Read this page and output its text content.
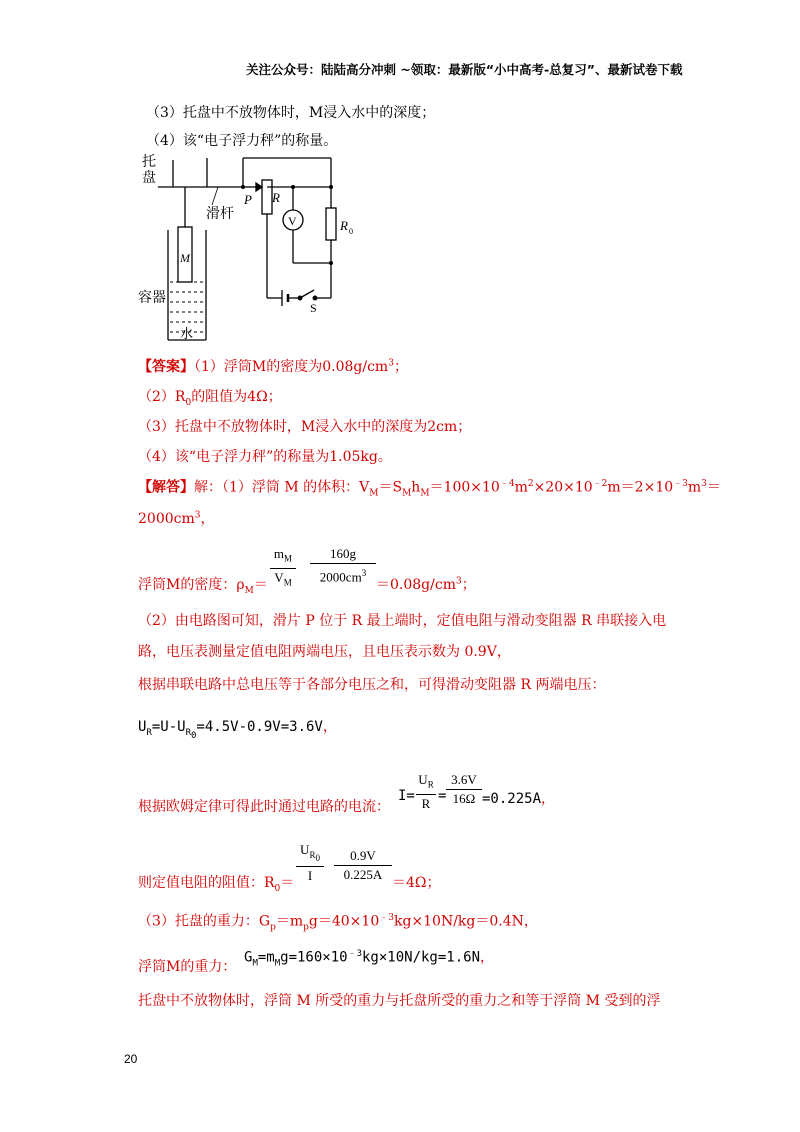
关注公众号：陆陆高分冲刺 ~领取：最新版“小中高考-总复习”、最新试卷下载
（3）托盘中不放物体时，M浸入水中的深度；
（4）该“电子浮力秤”的称量。
托
盘
滑杆
P R
V	R 0
M
容器
水
S
【答案】（1）浮筒M的密度为$0.08g/cm^3$；
$(2)R_0$的阻值为4Ω；
（3）托盘中不放物体时，M浸入水中的深度为2cm；
（4）该“电子浮力秤”的称量为1.05kg。
【解答】解：（1）浮筒 M 的体积：$V_M=S_Mh_M=100\times 10^{﹣4}m^2\times 20\times 10^{﹣2}m=2\times 10^{﹣3}m^3=$
$2000cm^3$，
浮筒M的密度：$\rho_M=$
$m_M$
$V_M$
160g
$2000cm^3$
$=0.08g/cm^3$；
（2）由电路图可知，滑片 P 位于 R 最上端时，定值电阻与滑动变阻器 R 串联接入电
路，电压表测量定值电阻两端电压，且电压表示数为 0.9V，
根据串联电路中总电压等于各部分电压之和，可得滑动变阻器 R 两端电压：
$U_R=U-U_{R_0}=4.5V-0.9V=3.6V$，
根据欧姆定律可得此时通过电路的电流：
I=
$U_R$
R =
3.6V
16Ω =0.225A，
则定值电阻的阻值：$R_0=$
$U_{R_0}$
I
0.9V
0.225A
＝4Ω；
（3）托盘的重力：$G_p=m_pg=40\times 10^{﹣3}kg\times 10N/kg=0.4N$，
浮筒M的重力：
$G_M=m_Mg=160\times 10^{﹣3}kg\times 10N/kg=1.6N$，
托盘中不放物体时，浮筒 M 所受的重力与托盘所受的重力之和等于浮筒 M 受到的浮
20
